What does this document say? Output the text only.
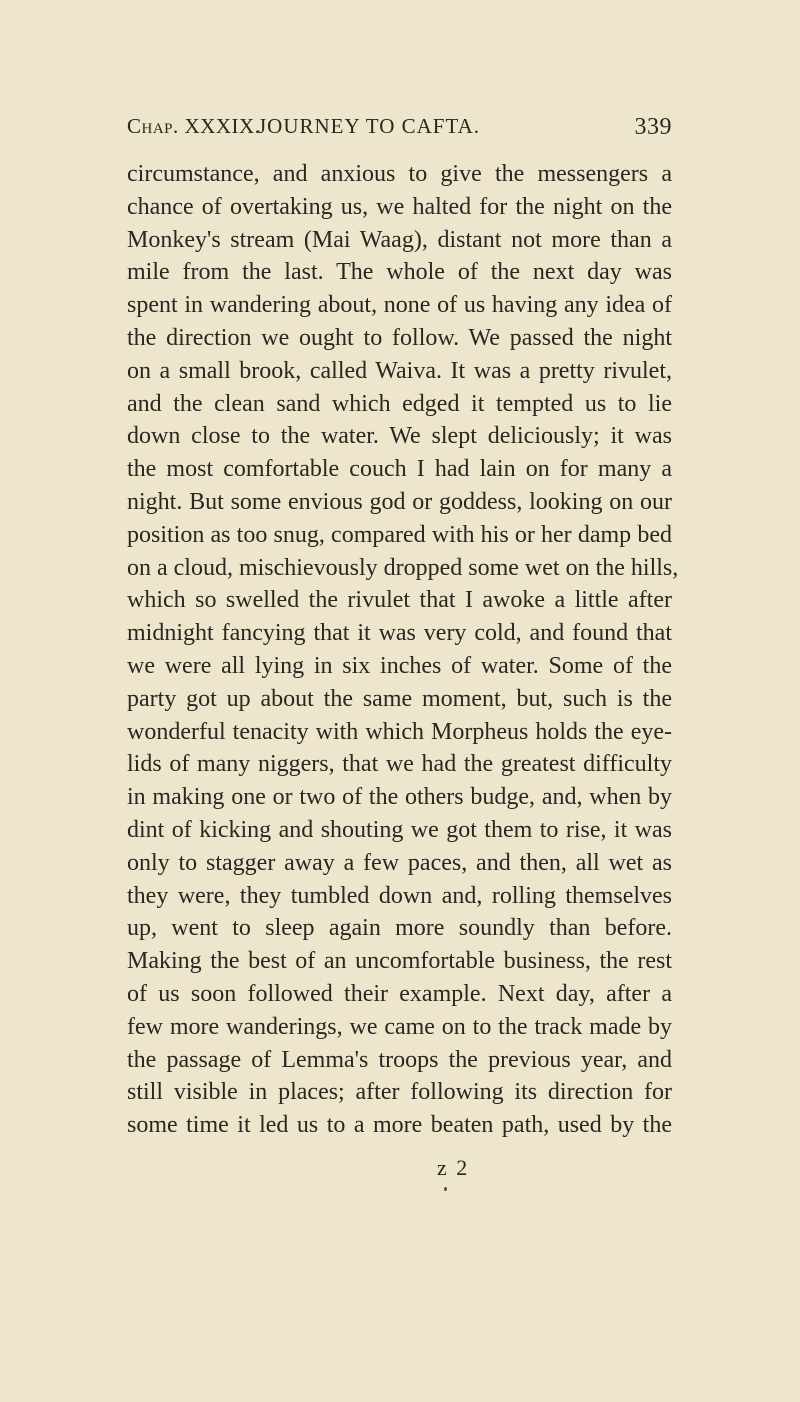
Chap. XXXIX.
JOURNEY TO CAFTA.	339
circumstance, and anxious to give the messengers a
chance of overtaking us, we halted for the night on the
Monkey's stream (Mai Waag), distant not more than a
mile from the last. The whole of the next day was
spent in wandering about, none of us having any idea of
the direction we ought to follow. We passed the night
on a small brook, called Waiva. It was a pretty rivulet,
and the clean sand which edged it tempted us to lie
down close to the water. We slept deliciously; it was
the most comfortable couch I had lain on for many a
night. But some envious god or goddess, looking on our
position as too snug, compared with his or her damp bed
on a cloud, mischievously dropped some wet on the hills,
which so swelled the rivulet that I awoke a little after
midnight fancying that it was very cold, and found that
we were all lying in six inches of water. Some of the
party got up about the same moment, but, such is the
wonderful tenacity with which Morpheus holds the eye-
lids of many niggers, that we had the greatest difficulty
in making one or two of the others budge, and, when by
dint of kicking and shouting we got them to rise, it was
only to stagger away a few paces, and then, all wet as
they were, they tumbled down and, rolling themselves
up, went to sleep again more soundly than before.
Making the best of an uncomfortable business, the rest
of us soon followed their example. Next day, after a
few more wanderings, we came on to the track made by
the passage of Lemma's troops the previous year, and
still visible in places; after following its direction for
some time it led us to a more beaten path, used by the
z 2
